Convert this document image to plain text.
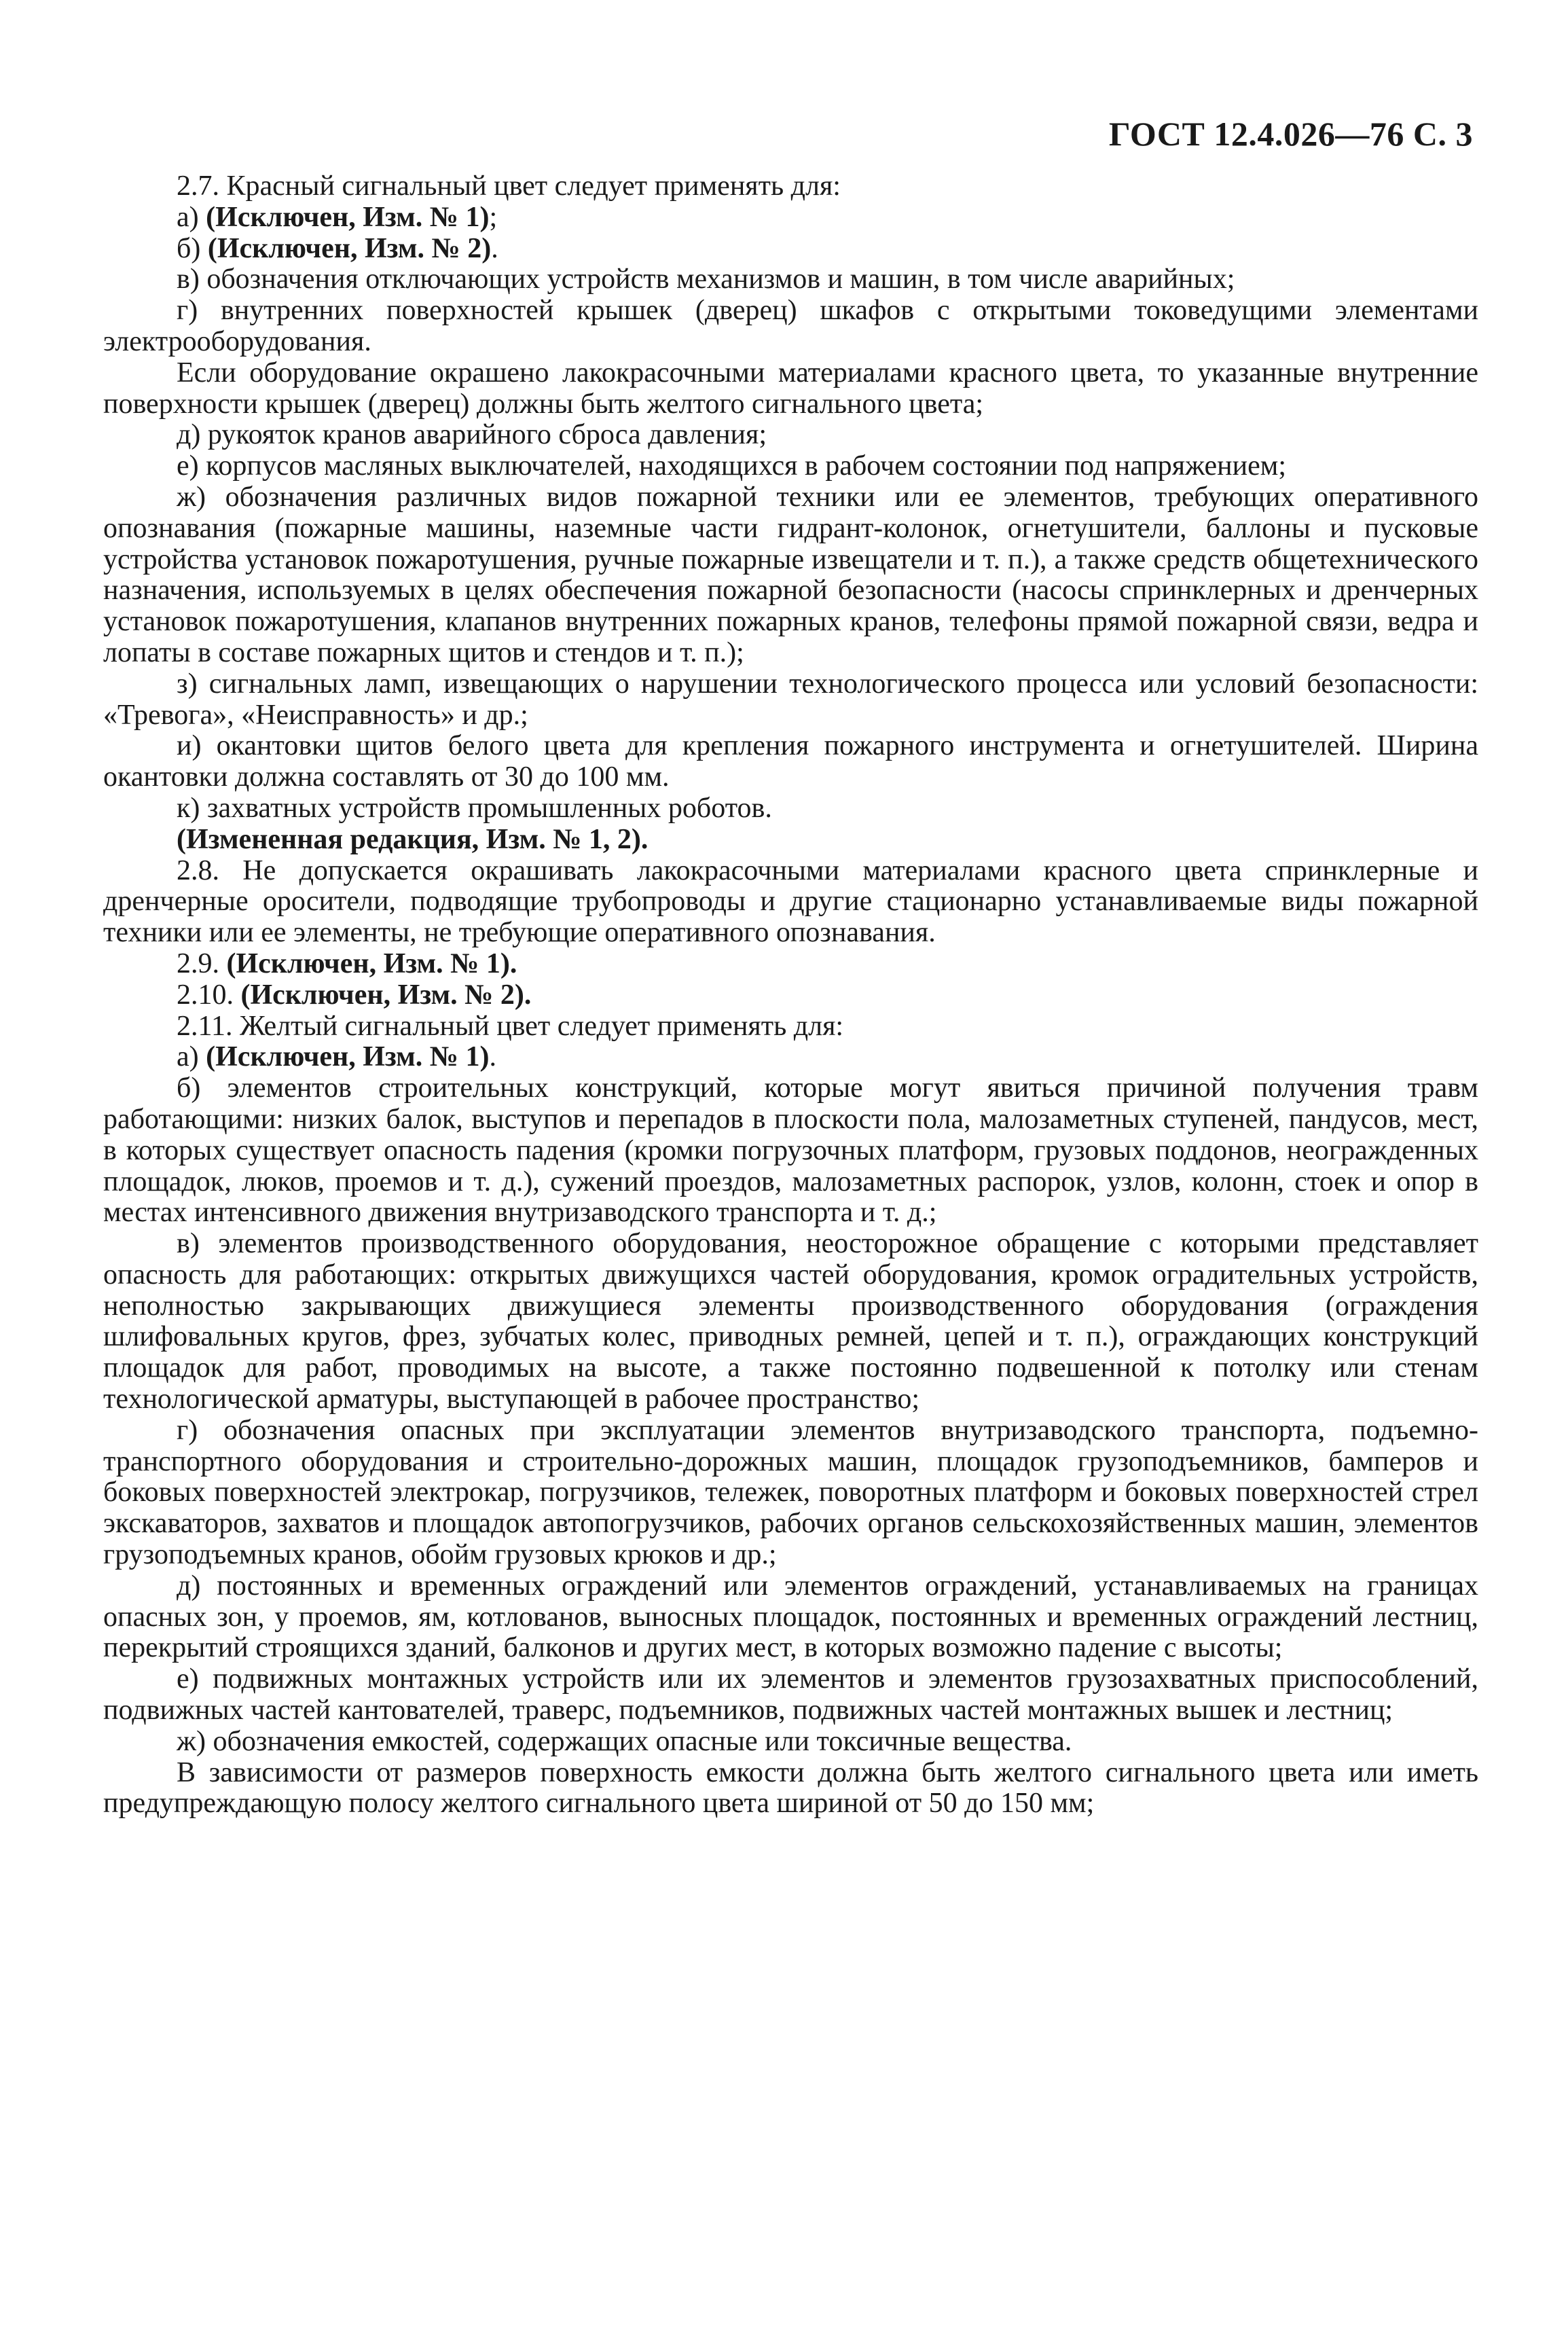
ГОСТ 12.4.026—76 С. 3

2.7. Красный сигнальный цвет следует применять для:

а) (Исключен, Изм. № 1);

б) (Исключен, Изм. № 2).

в) обозначения отключающих устройств механизмов и машин, в том числе аварийных;

г) внутренних поверхностей крышек (дверец) шкафов с открытыми токоведущими элементами электрооборудования.

Если оборудование окрашено лакокрасочными материалами красного цвета, то указанные внутренние поверхности крышек (дверец) должны быть желтого сигнального цвета;

д) рукояток кранов аварийного сброса давления;

е) корпусов масляных выключателей, находящихся в рабочем состоянии под напряжением;

ж) обозначения различных видов пожарной техники или ее элементов, требующих оперативного опознавания (пожарные машины, наземные части гидрант-колонок, огнетушители, баллоны и пусковые устройства установок пожаротушения, ручные пожарные извещатели и т. п.), а также средств общетехнического назначения, используемых в целях обеспечения пожарной безопасности (насосы спринклерных и дренчерных установок пожаротушения, клапанов внутренних пожарных кранов, телефоны прямой пожарной связи, ведра и лопаты в составе пожарных щитов и стендов и т. п.);

з) сигнальных ламп, извещающих о нарушении технологического процесса или условий безопасности: «Тревога», «Неисправность» и др.;

и) окантовки щитов белого цвета для крепления пожарного инструмента и огнетушителей. Ширина окантовки должна составлять от 30 до 100 мм.

к) захватных устройств промышленных роботов.

(Измененная редакция, Изм. № 1, 2).

2.8. Не допускается окрашивать лакокрасочными материалами красного цвета спринклерные и дренчерные оросители, подводящие трубопроводы и другие стационарно устанавливаемые виды пожарной техники или ее элементы, не требующие оперативного опознавания.

2.9. (Исключен, Изм. № 1).

2.10. (Исключен, Изм. № 2).

2.11. Желтый сигнальный цвет следует применять для:

а) (Исключен, Изм. № 1).

б) элементов строительных конструкций, которые могут явиться причиной получения травм работающими: низких балок, выступов и перепадов в плоскости пола, малозаметных ступеней, пандусов, мест, в которых существует опасность падения (кромки погрузочных платформ, грузовых поддонов, неогражденных площадок, люков, проемов и т. д.), сужений проездов, малозаметных распорок, узлов, колонн, стоек и опор в местах интенсивного движения внутризаводского транспорта и т. д.;

в) элементов производственного оборудования, неосторожное обращение с которыми представляет опасность для работающих: открытых движущихся частей оборудования, кромок оградительных устройств, неполностью закрывающих движущиеся элементы производственного оборудования (ограждения шлифовальных кругов, фрез, зубчатых колес, приводных ремней, цепей и т. п.), ограждающих конструкций площадок для работ, проводимых на высоте, а также постоянно подвешенной к потолку или стенам технологической арматуры, выступающей в рабочее пространство;

г) обозначения опасных при эксплуатации элементов внутризаводского транспорта, подъемно-транспортного оборудования и строительно-дорожных машин, площадок грузоподъемников, бамперов и боковых поверхностей электрокар, погрузчиков, тележек, поворотных платформ и боковых поверхностей стрел экскаваторов, захватов и площадок автопогрузчиков, рабочих органов сельскохозяйственных машин, элементов грузоподъемных кранов, обойм грузовых крюков и др.;

д) постоянных и временных ограждений или элементов ограждений, устанавливаемых на границах опасных зон, у проемов, ям, котлованов, выносных площадок, постоянных и временных ограждений лестниц, перекрытий строящихся зданий, балконов и других мест, в которых возможно падение с высоты;

е) подвижных монтажных устройств или их элементов и элементов грузозахватных приспособлений, подвижных частей кантователей, траверс, подъемников, подвижных частей монтажных вышек и лестниц;

ж) обозначения емкостей, содержащих опасные или токсичные вещества.

В зависимости от размеров поверхность емкости должна быть желтого сигнального цвета или иметь предупреждающую полосу желтого сигнального цвета шириной от 50 до 150 мм;
